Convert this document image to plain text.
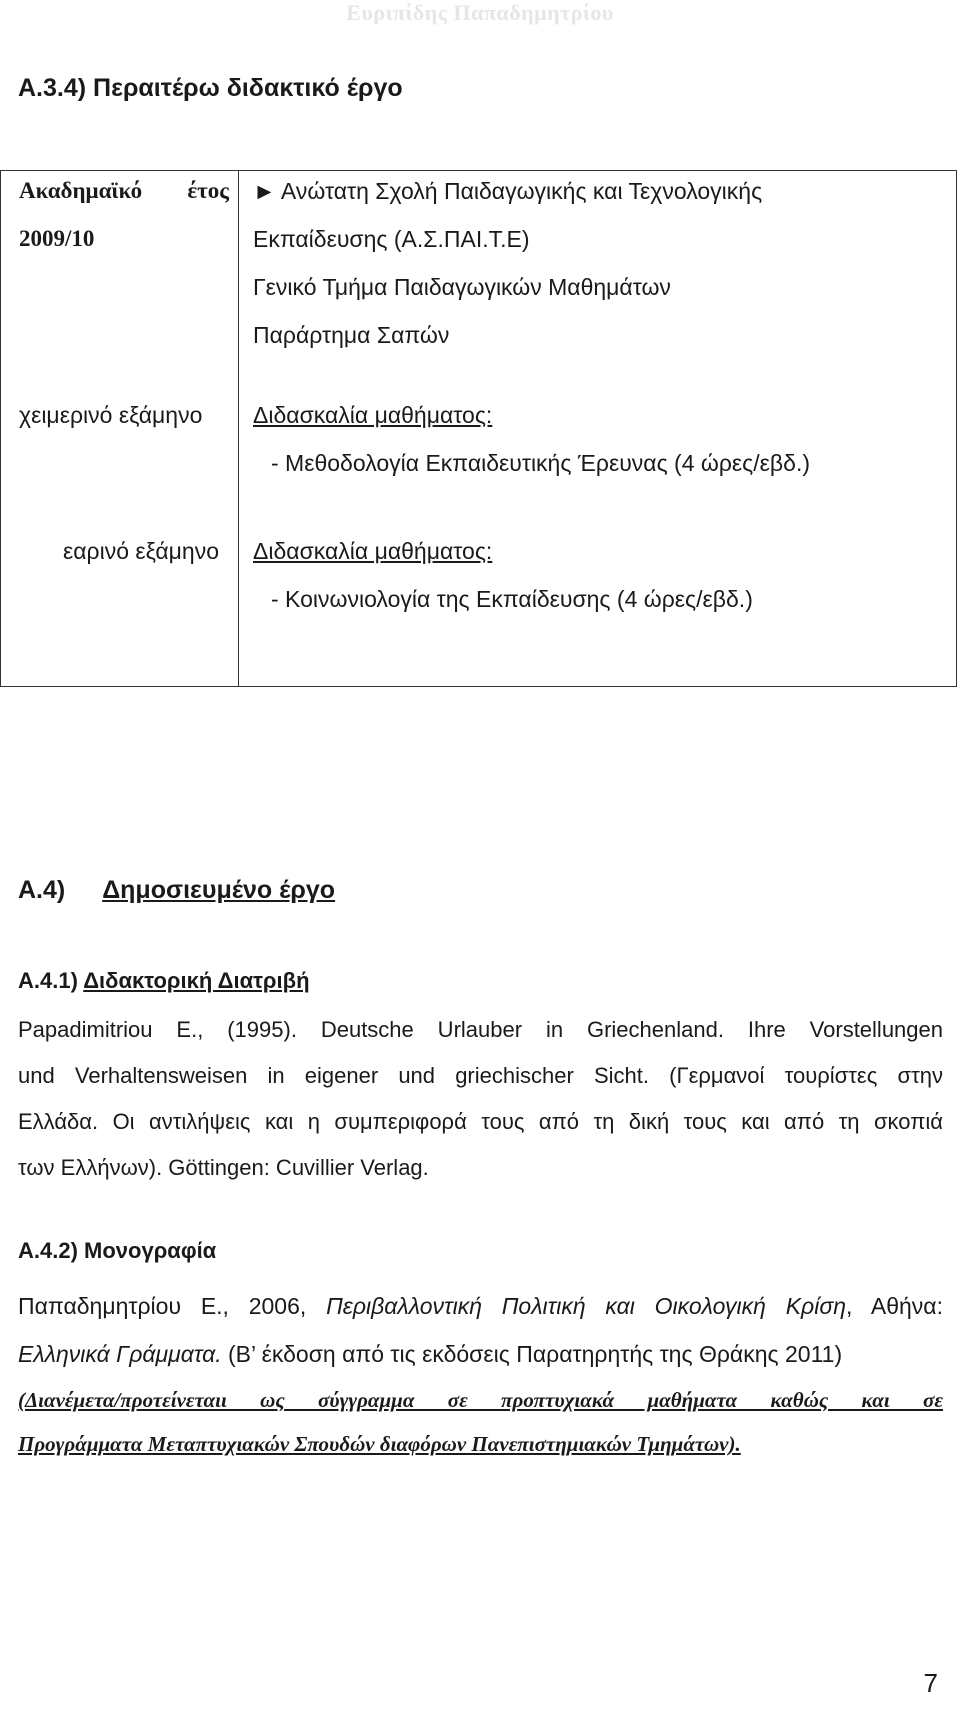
Ευριπίδης Παπαδημητρίου
Α.3.4) Περαιτέρω διδακτικό έργο
Ακαδημαϊκό έτος
2009/10
► Ανώτατη Σχολή Παιδαγωγικής και Τεχνολογικής
Εκπαίδευσης (Α.Σ.ΠΑΙ.Τ.Ε)
Γενικό Τμήμα Παιδαγωγικών Μαθημάτων
Παράρτημα Σαπών
χειμερινό εξάμηνο	Διδασκαλία μαθήματος:
- Μεθοδολογία Εκπαιδευτικής Έρευνας (4 ώρες/εβδ.)
εαρινό εξάμηνο Διδασκαλία μαθήματος:
- Κοινωνιολογία της Εκπαίδευσης (4 ώρες/εβδ.)
Α.4) Δημοσιευμένο έργο
Α.4.1) Διδακτορική Διατριβή
Papadimitriou E., (1995). Deutsche Urlauber in Griechenland. Ihre Vorstellungen
und Verhaltensweisen in eigener und griechischer Sicht. (Γερμανοί τουρίστες στην
Ελλάδα. Οι αντιλήψεις και η συμπεριφορά τους από τη δική τους και από τη σκοπιά
των Ελλήνων). Göttingen: Cuvillier Verlag.
Α.4.2) Μονογραφία
Παπαδημητρίου Ε., 2006, Περιβαλλοντική Πολιτική και Οικολογική Κρίση, Αθήνα:
Ελληνικά Γράμματα. (Β’ έκδοση από τις εκδόσεις Παρατηρητής της Θράκης 2011)
(Διανέμετα/προτείνεταιι ως σύγγραμμα σε προπτυχιακά μαθήματα καθώς και σε
Προγράμματα Μεταπτυχιακών Σπουδών διαφόρων Πανεπιστημιακών Τμημάτων).
7
